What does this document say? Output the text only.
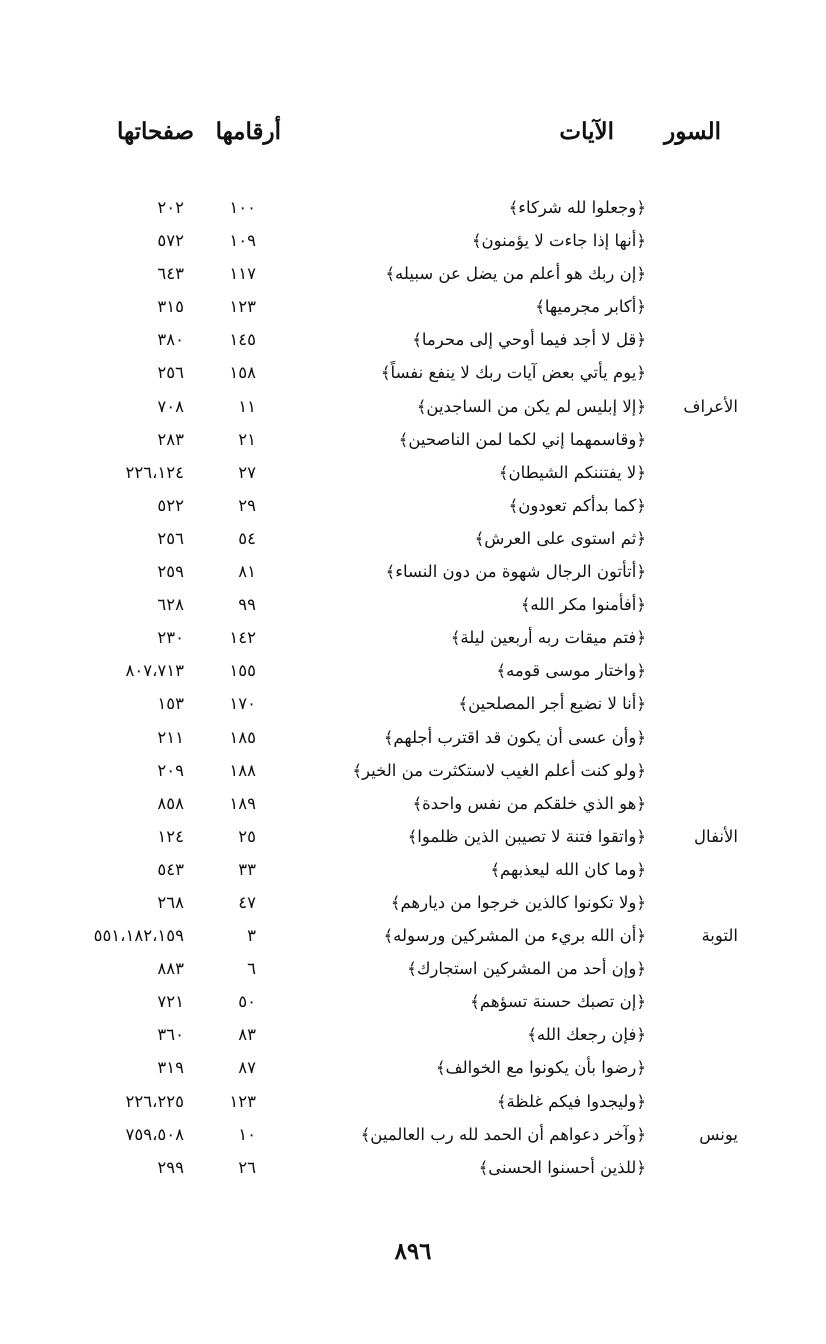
السور
الآيات
أرقامها
صفحاتها
﴿وجعلوا لله شركاء﴾
١٠٠
٢٠٢
﴿أنها إذا جاءت لا يؤمنون﴾
١٠٩
٥٧٢
﴿إن ربك هو أعلم من يضل عن سبيله﴾
١١٧
٦٤٣
﴿أكابر مجرميها﴾
١٢٣
٣١٥
﴿قل لا أجد فيما أوحي إلى محرما﴾
١٤٥
٣٨٠
﴿يوم يأتي بعض آيات ربك لا ينفع نفساً﴾
١٥٨
٢٥٦
الأعراف
﴿إلا إبليس لم يكن من الساجدين﴾
١١
٧٠٨
﴿وقاسمهما إني لكما لمن الناصحين﴾
٢١
٢٨٣
﴿لا يفتننكم الشيطان﴾
٢٧
٢٢٦،١٢٤
﴿كما بدأكم تعودون﴾
٢٩
٥٢٢
﴿ثم استوى على العرش﴾
٥٤
٢٥٦
﴿أتأتون الرجال شهوة من دون النساء﴾
٨١
٢٥٩
﴿أفأمنوا مكر الله﴾
٩٩
٦٢٨
﴿فتم ميقات ربه أربعين ليلة﴾
١٤٢
٢٣٠
﴿واختار موسى قومه﴾
١٥٥
٨٠٧،٧١٣
﴿أنا لا نضيع أجر المصلحين﴾
١٧٠
١٥٣
﴿وأن عسى أن يكون قد اقترب أجلهم﴾
١٨٥
٢١١
﴿ولو كنت أعلم الغيب لاستكثرت من الخير﴾
١٨٨
٢٠٩
﴿هو الذي خلقكم من نفس واحدة﴾
١٨٩
٨٥٨
الأنفال
﴿واتقوا فتنة لا تصيبن الذين ظلموا﴾
٢٥
١٢٤
﴿وما كان الله ليعذبهم﴾
٣٣
٥٤٣
﴿ولا تكونوا كالذين خرجوا من ديارهم﴾
٤٧
٢٦٨
التوبة
﴿أن الله بريء من المشركين ورسوله﴾
٣
٥٥١،١٨٢،١٥٩
﴿وإن أحد من المشركين استجارك﴾
٦
٨٨٣
﴿إن تصبك حسنة تسؤهم﴾
٥٠
٧٢١
﴿فإن رجعك الله﴾
٨٣
٣٦٠
﴿رضوا بأن يكونوا مع الخوالف﴾
٨٧
٣١٩
﴿وليجدوا فيكم غلظة﴾
١٢٣
٢٢٦،٢٢٥
يونس
﴿وآخر دعواهم أن الحمد لله رب العالمين﴾
١٠
٧٥٩،٥٠٨
﴿للذين أحسنوا الحسنى﴾
٢٦
٢٩٩
٨٩٦
